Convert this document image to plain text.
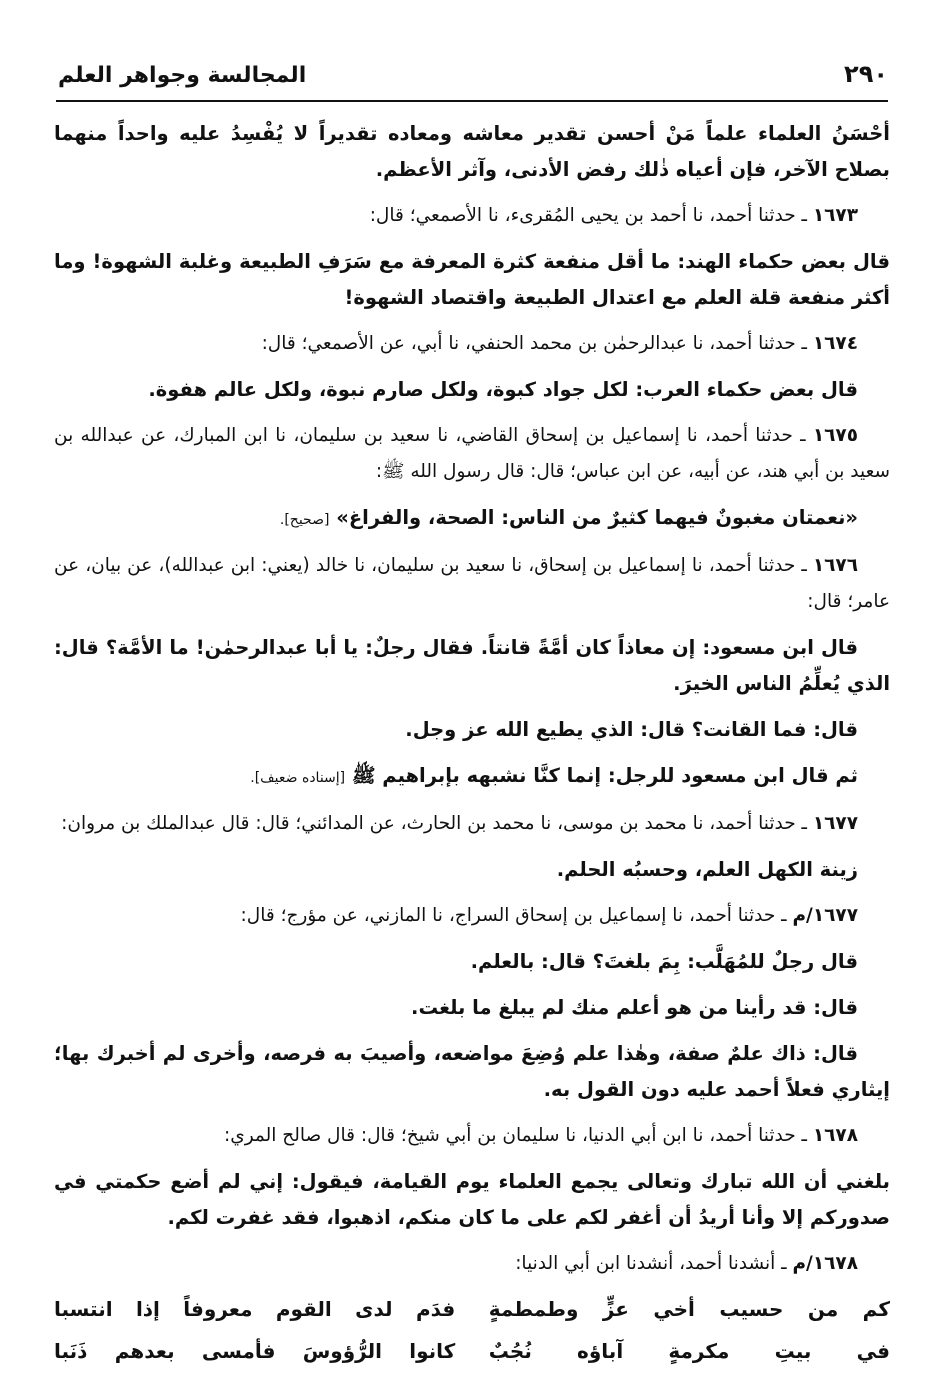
٢٩٠
المجالسة وجواهر العلم

أحْسَنُ العلماء علماً مَنْ أحسن تقدير معاشه ومعاده تقديراً لا يُفْسِدُ عليه واحداً منهما بصلاح الآخر، فإن أعياه ذٰلك رفض الأدنى، وآثر الأعظم.

١٦٧٣ ـ حدثنا أحمد، نا أحمد بن يحيى المُقرىء، نا الأصمعي؛ قال:

قال بعض حكماء الهند: ما أقل منفعة كثرة المعرفة مع سَرَفِ الطبيعة وغلبة الشهوة! وما أكثر منفعة قلة العلم مع اعتدال الطبيعة واقتصاد الشهوة!

١٦٧٤ ـ حدثنا أحمد، نا عبدالرحمٰن بن محمد الحنفي، نا أبي، عن الأصمعي؛ قال:

قال بعض حكماء العرب: لكل جواد كبوة، ولكل صارم نبوة، ولكل عالم هفوة.

١٦٧٥ ـ حدثنا أحمد، نا إسماعيل بن إسحاق القاضي، نا سعيد بن سليمان، نا ابن المبارك، عن عبدالله بن سعيد بن أبي هند، عن أبيه، عن ابن عباس؛ قال: قال رسول الله ﷺ:

«نعمتان مغبونٌ فيهما كثيرٌ من الناس: الصحة، والفراغ» [صحيح].

١٦٧٦ ـ حدثنا أحمد، نا إسماعيل بن إسحاق، نا سعيد بن سليمان، نا خالد (يعني: ابن عبدالله)، عن بيان، عن عامر؛ قال:

قال ابن مسعود: إن معاذاً كان أمَّةً قانتاً. فقال رجلٌ: يا أبا عبدالرحمٰن! ما الأمَّة؟ قال: الذي يُعلِّمُ الناس الخيرَ.

قال: فما القانت؟ قال: الذي يطيع الله عز وجل.

ثم قال ابن مسعود للرجل: إنما كنَّا نشبهه بإبراهيم ﷺ [إسناده ضعيف].

١٦٧٧ ـ حدثنا أحمد، نا محمد بن موسى، نا محمد بن الحارث، عن المدائني؛ قال: قال عبدالملك بن مروان:

زينة الكهل العلم، وحسبُه الحلم.

١٦٧٧/م ـ حدثنا أحمد، نا إسماعيل بن إسحاق السراج، نا المازني، عن مؤرج؛ قال:

قال رجلٌ للمُهَلَّب: بِمَ بلغتَ؟ قال: بالعلم.

قال: قد رأينا من هو أعلم منك لم يبلغ ما بلغت.

قال: ذاك علمٌ صفة، وهٰذا علم وُضِعَ مواضعه، وأصيبَ به فرصه، وأخرى لم أخبرك بها؛ إيثاري فعلاً أحمد عليه دون القول به.

١٦٧٨ ـ حدثنا أحمد، نا ابن أبي الدنيا، نا سليمان بن أبي شيخ؛ قال: قال صالح المري:

بلغني أن الله تبارك وتعالى يجمع العلماء يوم القيامة، فيقول: إني لم أضع حكمتي في صدوركم إلا وأنا أريدُ أن أغفر لكم على ما كان منكم، اذهبوا، فقد غفرت لكم.

١٦٧٨/م ـ أنشدنا أحمد، أنشدنا ابن أبي الدنيا:

كم من حسيب أخي عزٍّ وطمطمةٍ
فدَم لدى القوم معروفاً إذا انتسبا
في بيتِ مكرمةٍ آباؤه نُجُبٌ
كانوا الرُّؤوسَ فأمسى بعدهم ذَنَبا
